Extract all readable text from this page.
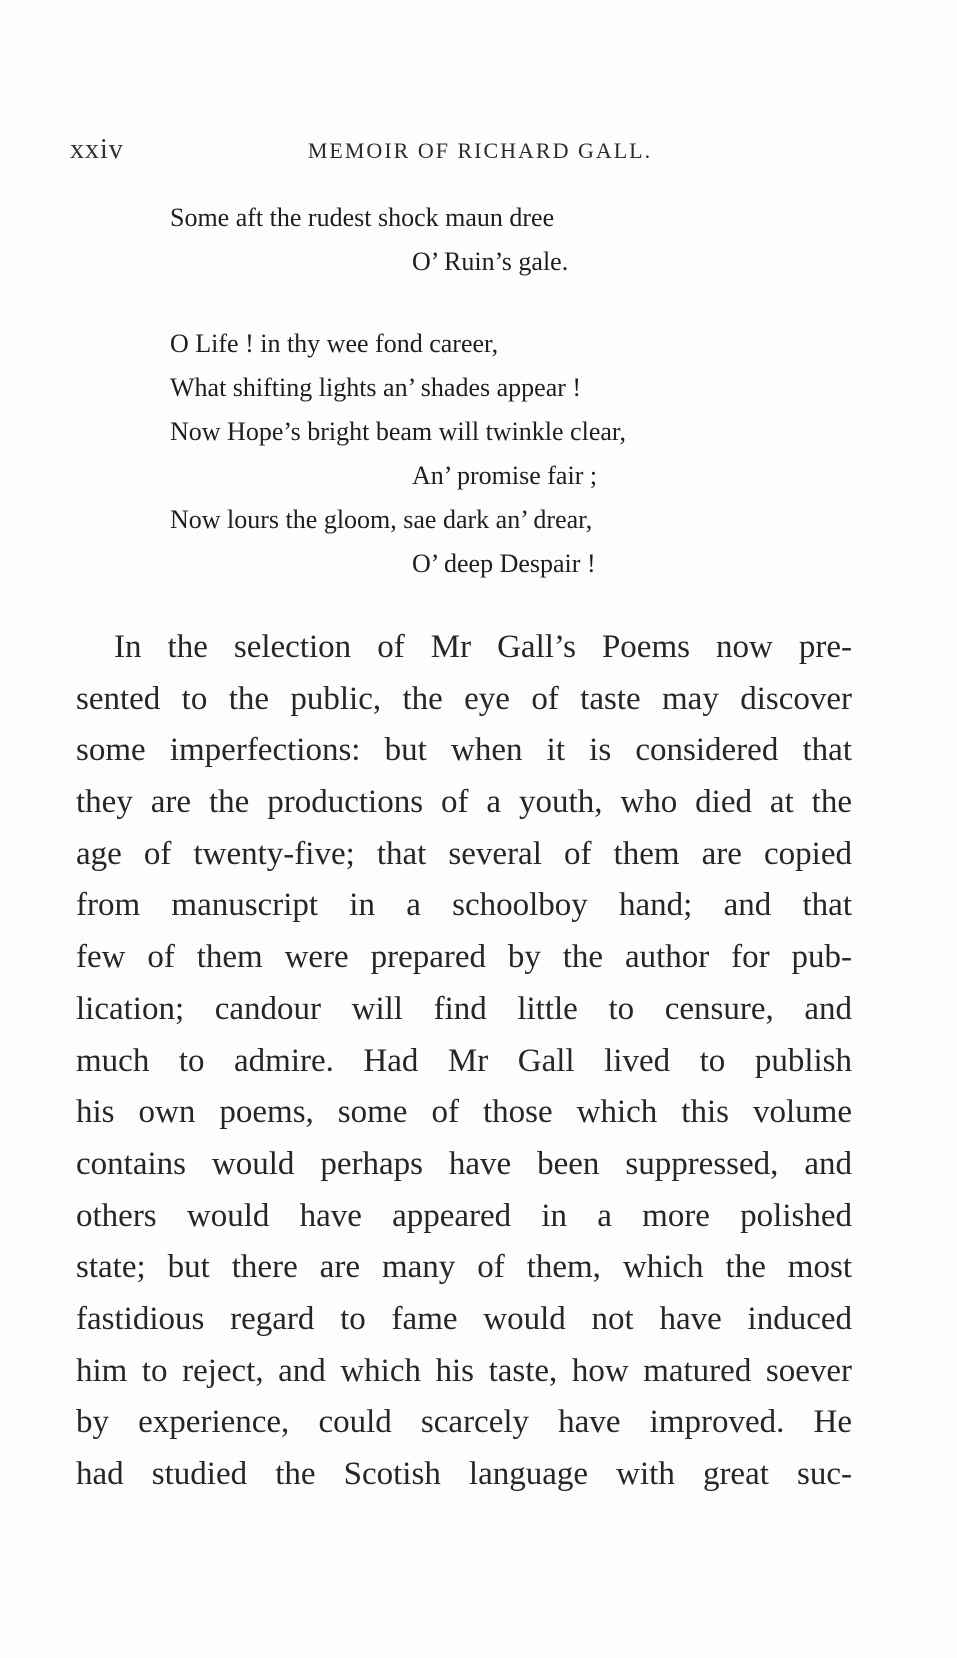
xxiv	MEMOIR OF RICHARD GALL.
Some aft the rudest shock maun dree
O’ Ruin’s gale.
O Life ! in thy wee fond career,
What shifting lights an’ shades appear !
Now Hope’s bright beam will twinkle clear,
An’ promise fair ;
Now lours the gloom, sae dark an’ drear,
O’ deep Despair !
In the selection of Mr Gall’s Poems now pre-
sented to the public, the eye of taste may discover
some imperfections: but when it is considered that
they are the productions of a youth, who died at the
age of twenty-five; that several of them are copied
from manuscript in a schoolboy hand; and that
few of them were prepared by the author for pub-
lication; candour will find little to censure, and
much to admire. Had Mr Gall lived to publish
his own poems, some of those which this volume
contains would perhaps have been suppressed, and
others would have appeared in a more polished
state; but there are many of them, which the most
fastidious regard to fame would not have induced
him to reject, and which his taste, how matured soever
by experience, could scarcely have improved. He
had studied the Scotish language with great suc-
